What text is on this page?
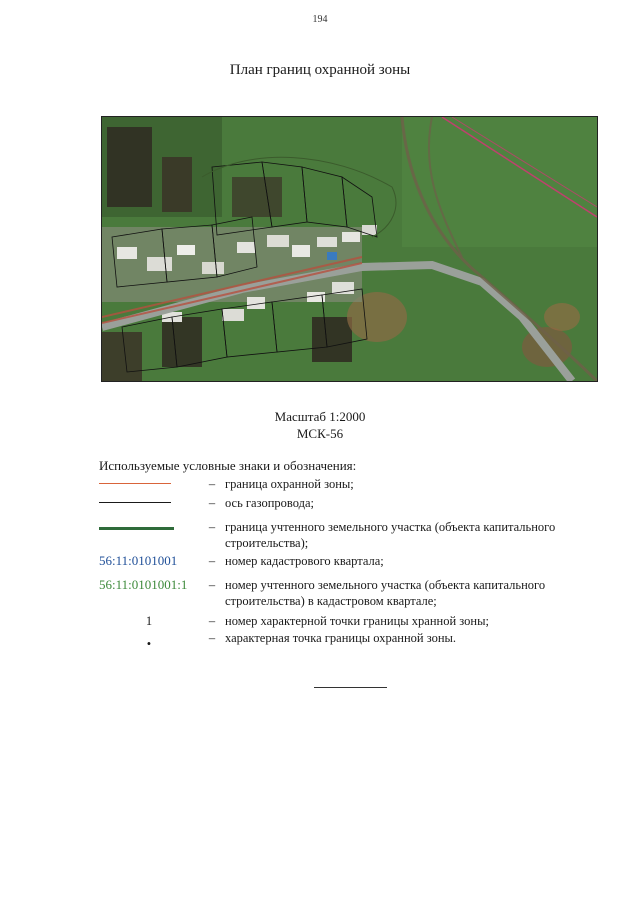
194
План границ охранной зоны
Масштаб 1:2000
МСК-56
Используемые условные знаки и обозначения:
– граница охранной зоны;
– ось газопровода;
– граница учтенного земельного участка (объекта капитального строительства);
56:11:0101001	– номер кадастрового квартала;
56:11:0101001:1	– номер учтенного земельного участка (объекта капитального строительства) в кадастровом квартале;
1	– номер характерной точки границы хранной зоны;
•	– характерная точка границы охранной зоны.
